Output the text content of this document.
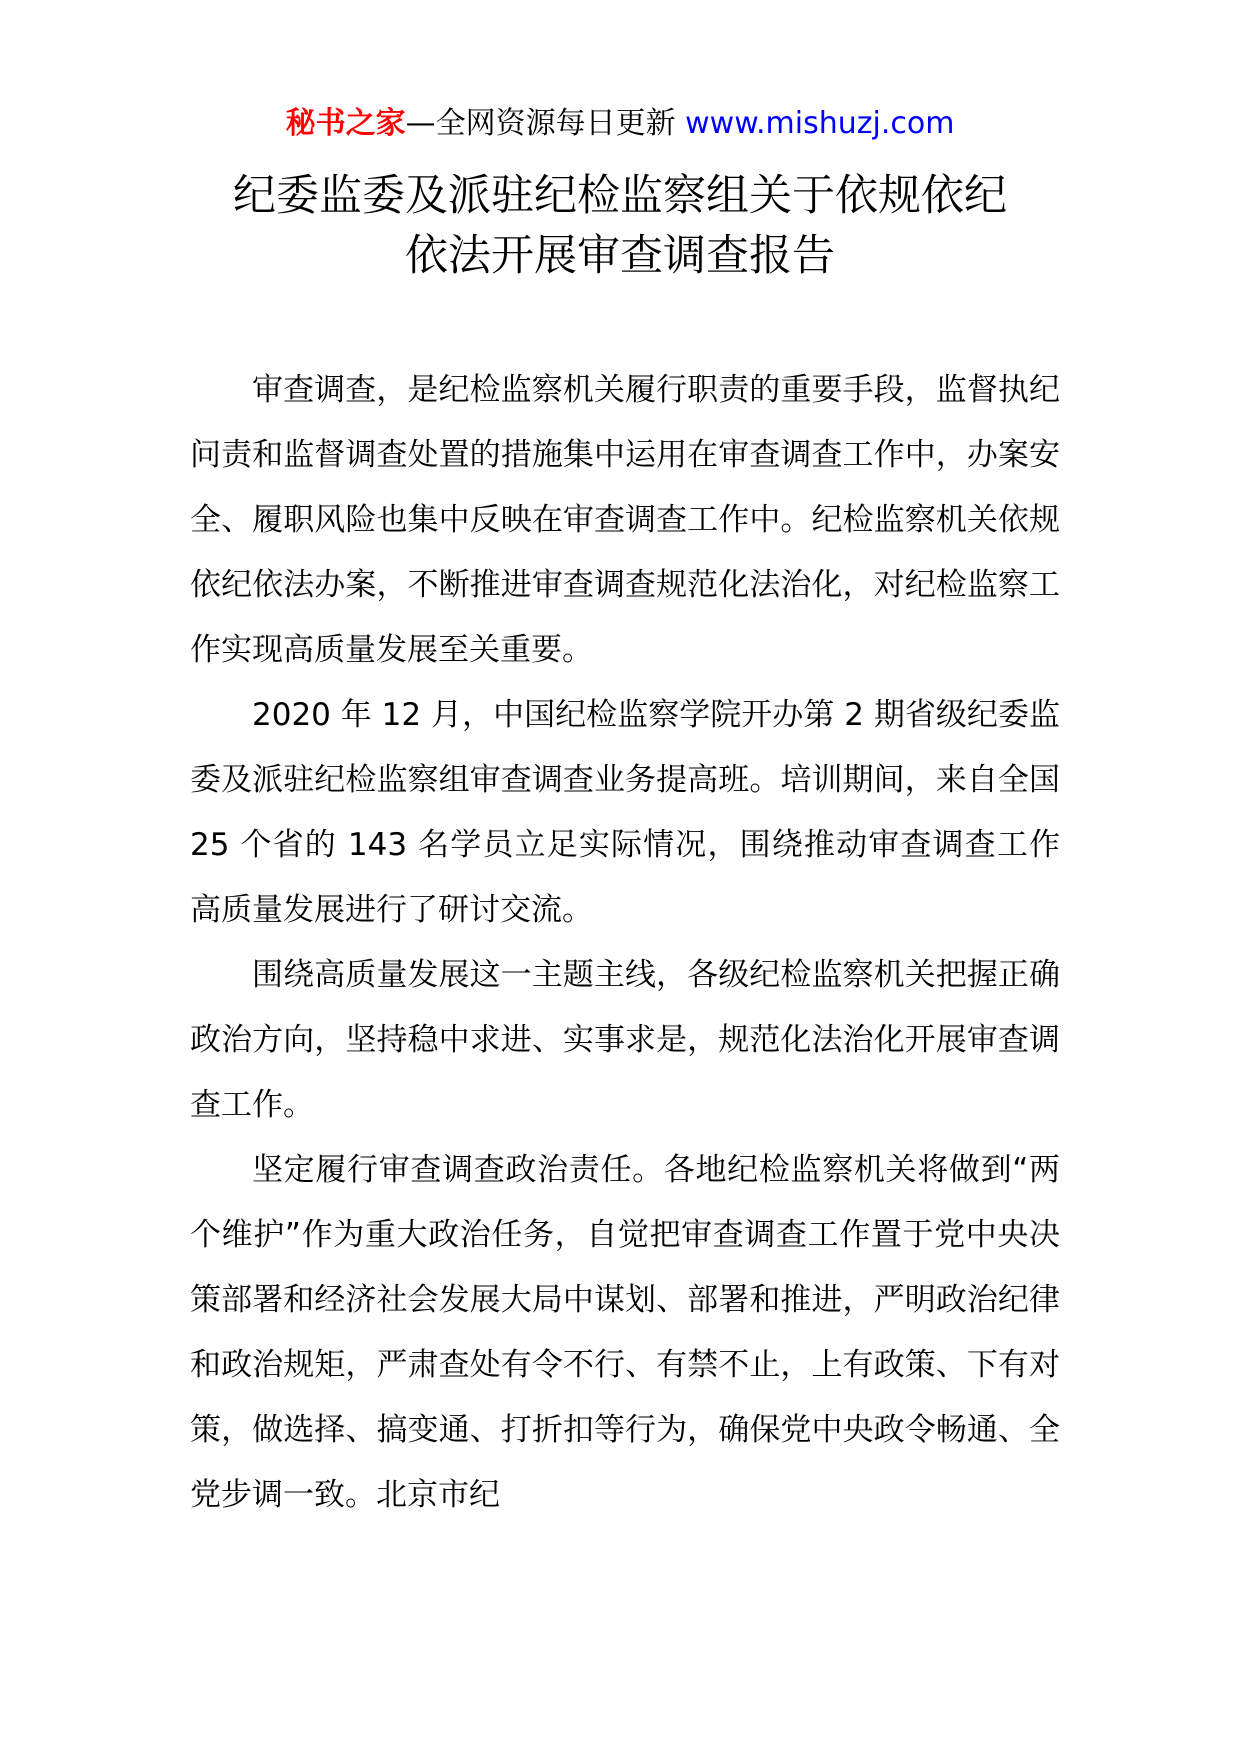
秘书之家—全网资源每日更新 www.mishuzj.com
纪委监委及派驻纪检监察组关于依规依纪
依法开展审查调查报告

审查调查，是纪检监察机关履行职责的重要手段，监督执纪问责和监督调查处置的措施集中运用在审查调查工作中，办案安全、履职风险也集中反映在审查调查工作中。纪检监察机关依规依纪依法办案，不断推进审查调查规范化法治化，对纪检监察工作实现高质量发展至关重要。

2020 年 12 月，中国纪检监察学院开办第 2 期省级纪委监委及派驻纪检监察组审查调查业务提高班。培训期间，来自全国 25 个省的 143 名学员立足实际情况，围绕推动审查调查工作高质量发展进行了研讨交流。

围绕高质量发展这一主题主线，各级纪检监察机关把握正确政治方向，坚持稳中求进、实事求是，规范化法治化开展审查调查工作。

坚定履行审查调查政治责任。各地纪检监察机关将做到“两个维护”作为重大政治任务，自觉把审查调查工作置于党中央决策部署和经济社会发展大局中谋划、部署和推进，严明政治纪律和政治规矩，严肃查处有令不行、有禁不止，上有政策、下有对策，做选择、搞变通、打折扣等行为，确保党中央政令畅通、全党步调一致。北京市纪
